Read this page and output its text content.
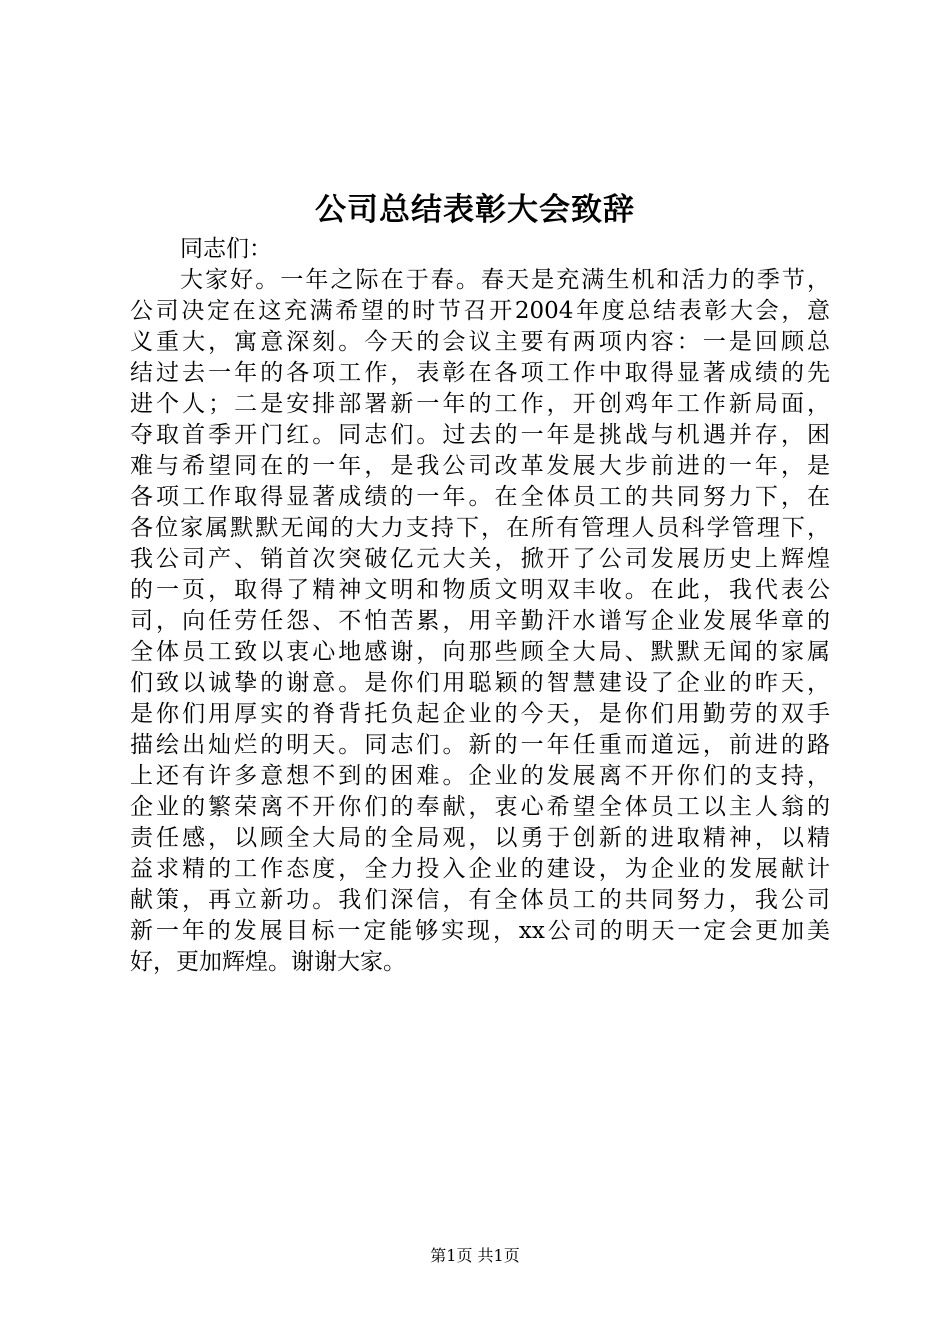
公司总结表彰大会致辞
同志们：
大家好。一年之际在于春。春天是充满生机和活力的季节，
公司决定在这充满希望的时节召开2004年度总结表彰大会，意
义重大，寓意深刻。今天的会议主要有两项内容：一是回顾总
结过去一年的各项工作，表彰在各项工作中取得显著成绩的先
进个人；二是安排部署新一年的工作，开创鸡年工作新局面，
夺取首季开门红。同志们。过去的一年是挑战与机遇并存，困
难与希望同在的一年，是我公司改革发展大步前进的一年，是
各项工作取得显著成绩的一年。在全体员工的共同努力下，在
各位家属默默无闻的大力支持下，在所有管理人员科学管理下，
我公司产、销首次突破亿元大关，掀开了公司发展历史上辉煌
的一页，取得了精神文明和物质文明双丰收。在此，我代表公
司，向任劳任怨、不怕苦累，用辛勤汗水谱写企业发展华章的
全体员工致以衷心地感谢，向那些顾全大局、默默无闻的家属
们致以诚挚的谢意。是你们用聪颖的智慧建设了企业的昨天，
是你们用厚实的脊背托负起企业的今天，是你们用勤劳的双手
描绘出灿烂的明天。同志们。新的一年任重而道远，前进的路
上还有许多意想不到的困难。企业的发展离不开你们的支持，
企业的繁荣离不开你们的奉献，衷心希望全体员工以主人翁的
责任感，以顾全大局的全局观，以勇于创新的进取精神，以精
益求精的工作态度，全力投入企业的建设，为企业的发展献计
献策，再立新功。我们深信，有全体员工的共同努力，我公司
新一年的发展目标一定能够实现，xx公司的明天一定会更加美
好，更加辉煌。谢谢大家。
第1页 共1页
